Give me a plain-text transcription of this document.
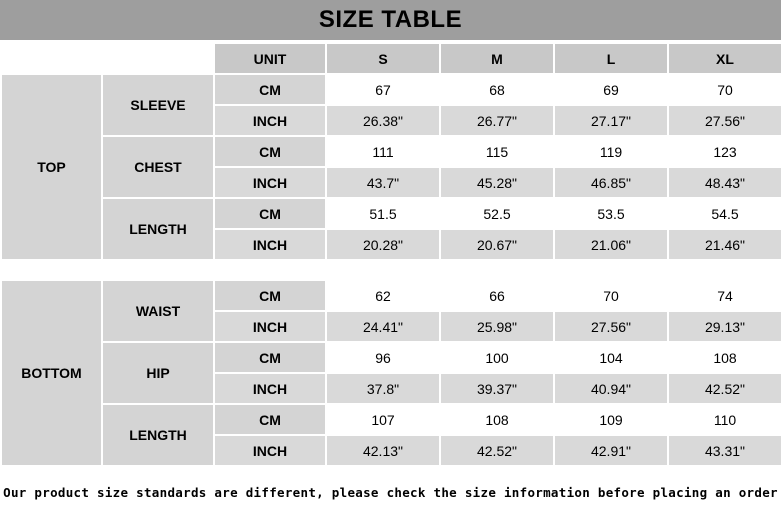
SIZE TABLE
		UNIT	S	M	L	XL
TOP	SLEEVE	CM	67	68	69	70
		INCH	26.38"	26.77"	27.17"	27.56"
	CHEST	CM	111	115	119	123
		INCH	43.7"	45.28"	46.85"	48.43"
	LENGTH	CM	51.5	52.5	53.5	54.5
		INCH	20.28"	20.67"	21.06"	21.46"
BOTTOM	WAIST	CM	62	66	70	74
		INCH	24.41"	25.98"	27.56"	29.13"
	HIP	CM	96	100	104	108
		INCH	37.8"	39.37"	40.94"	42.52"
	LENGTH	CM	107	108	109	110
		INCH	42.13"	42.52"	42.91"	43.31"
Our product size standards are different, please check the size information before placing an order
